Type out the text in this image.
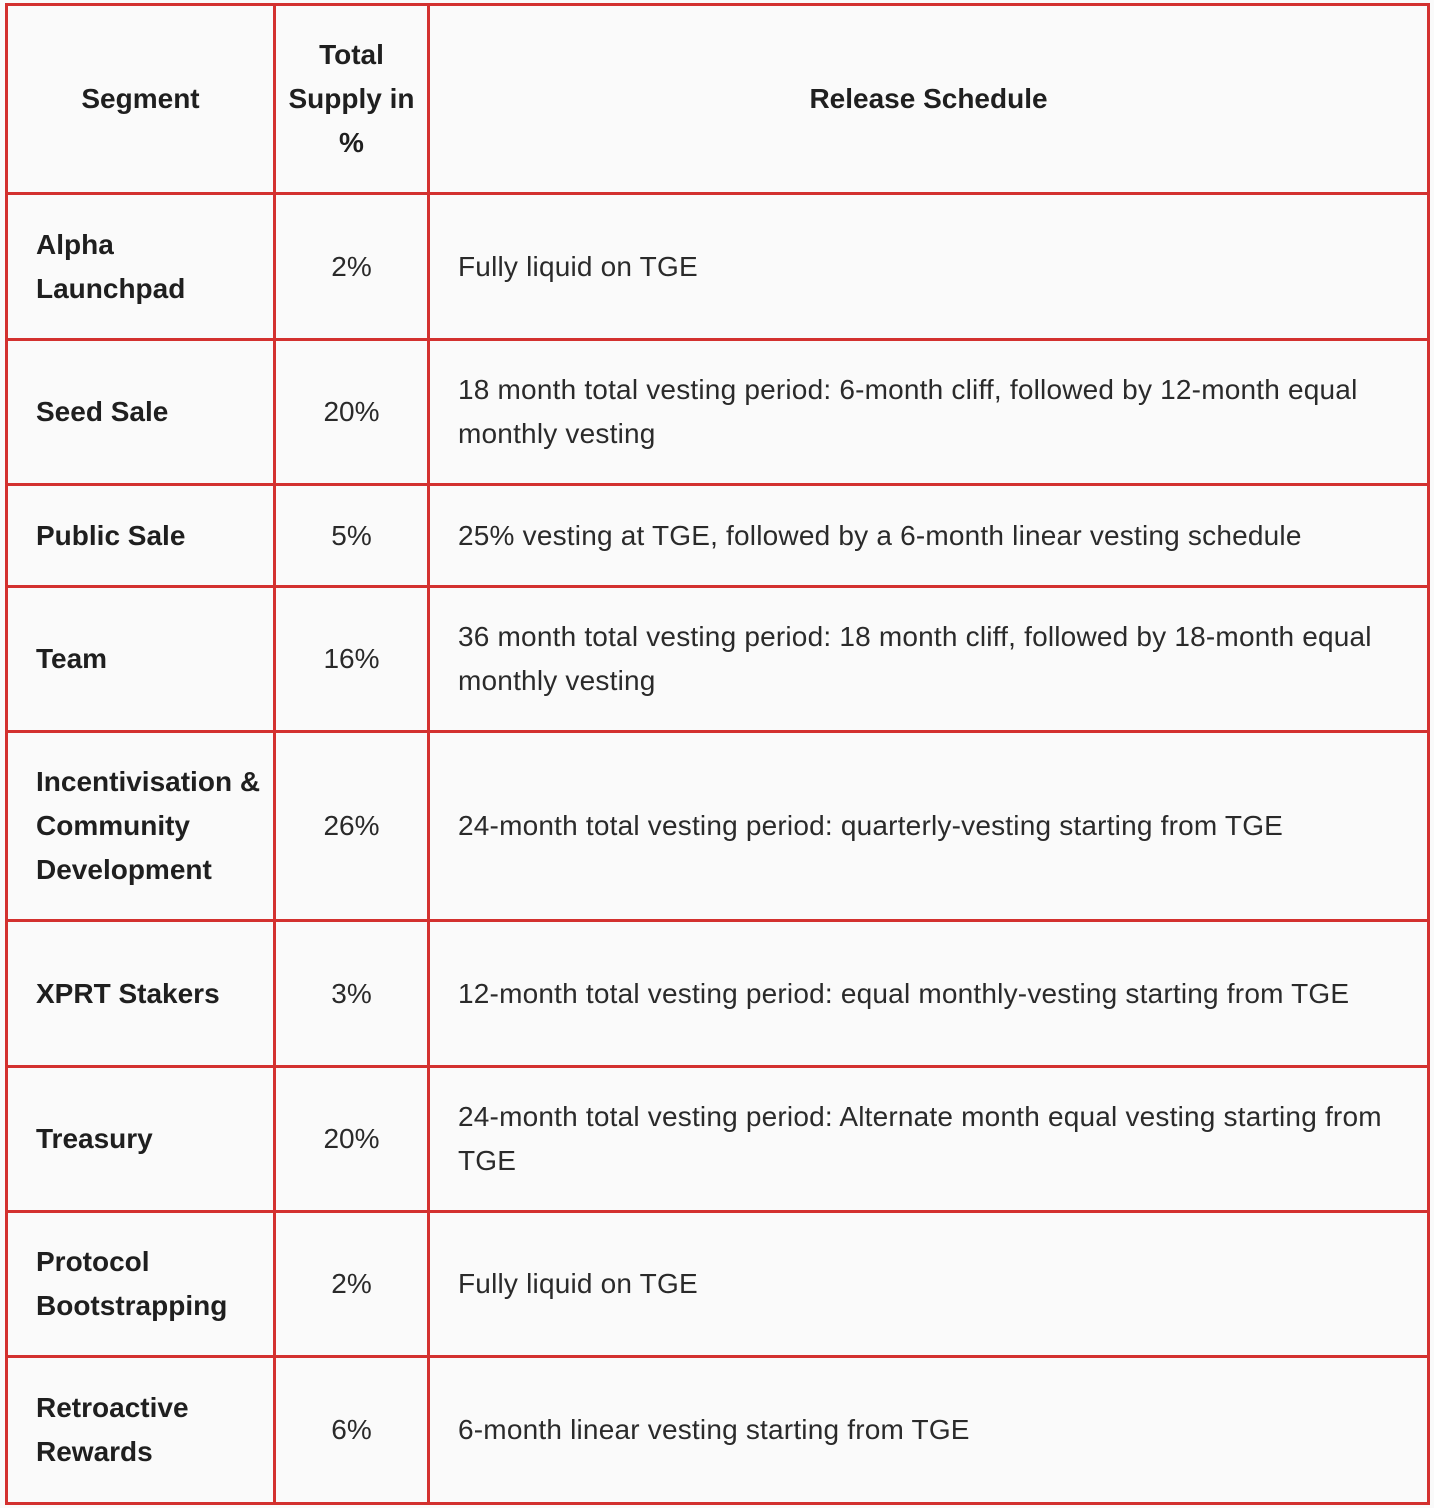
Segment	Total Supply in %	Release Schedule
Alpha Launchpad	2%	Fully liquid on TGE
Seed Sale	20%	18 month total vesting period: 6-month cliff, followed by 12-month equal monthly vesting
Public Sale	5%	25% vesting at TGE, followed by a 6-month linear vesting schedule
Team	16%	36 month total vesting period: 18 month cliff, followed by 18-month equal monthly vesting
Incentivisation & Community Development	26%	24-month total vesting period: quarterly-vesting starting from TGE
XPRT Stakers	3%	12-month total vesting period: equal monthly-vesting starting from TGE
Treasury	20%	24-month total vesting period: Alternate month equal vesting starting from TGE
Protocol Bootstrapping	2%	Fully liquid on TGE
Retroactive Rewards	6%	6-month linear vesting starting from TGE
